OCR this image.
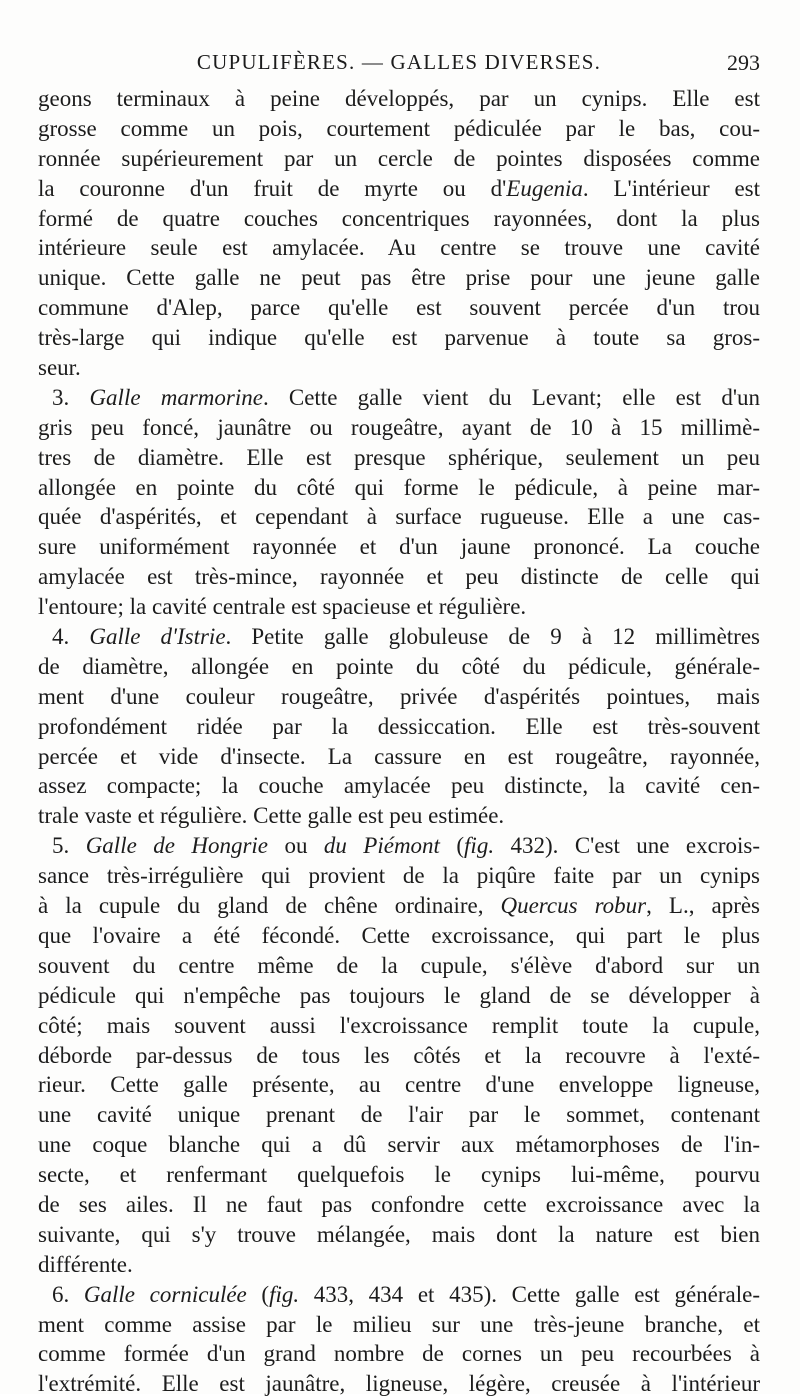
CUPULIFÈRES. — GALLES DIVERSES.	293
geons terminaux à peine développés, par un cynips. Elle est
grosse comme un pois, courtement pédiculée par le bas, cou-
ronnée supérieurement par un cercle de pointes disposées comme
la couronne d'un fruit de myrte ou d'Eugenia. L'intérieur est
formé de quatre couches concentriques rayonnées, dont la plus
intérieure seule est amylacée. Au centre se trouve une cavité
unique. Cette galle ne peut pas être prise pour une jeune galle
commune d'Alep, parce qu'elle est souvent percée d'un trou
très-large qui indique qu'elle est parvenue à toute sa gros-
seur.
3. Galle marmorine. Cette galle vient du Levant; elle est d'un
gris peu foncé, jaunâtre ou rougeâtre, ayant de 10 à 15 millimè-
tres de diamètre. Elle est presque sphérique, seulement un peu
allongée en pointe du côté qui forme le pédicule, à peine mar-
quée d'aspérités, et cependant à surface rugueuse. Elle a une cas-
sure uniformément rayonnée et d'un jaune prononcé. La couche
amylacée est très-mince, rayonnée et peu distincte de celle qui
l'entoure; la cavité centrale est spacieuse et régulière.
4. Galle d'Istrie. Petite galle globuleuse de 9 à 12 millimètres
de diamètre, allongée en pointe du côté du pédicule, générale-
ment d'une couleur rougeâtre, privée d'aspérités pointues, mais
profondément ridée par la dessiccation. Elle est très-souvent
percée et vide d'insecte. La cassure en est rougeâtre, rayonnée,
assez compacte; la couche amylacée peu distincte, la cavité cen-
trale vaste et régulière. Cette galle est peu estimée.
5. Galle de Hongrie ou du Piémont (fig. 432). C'est une excrois-
sance très-irrégulière qui provient de la piqûre faite par un cynips
à la cupule du gland de chêne ordinaire, Quercus robur, L., après
que l'ovaire a été fécondé. Cette excroissance, qui part le plus
souvent du centre même de la cupule, s'élève d'abord sur un
pédicule qui n'empêche pas toujours le gland de se développer à
côté; mais souvent aussi l'excroissance remplit toute la cupule,
déborde par-dessus de tous les côtés et la recouvre à l'exté-
rieur. Cette galle présente, au centre d'une enveloppe ligneuse,
une cavité unique prenant de l'air par le sommet, contenant
une coque blanche qui a dû servir aux métamorphoses de l'in-
secte, et renfermant quelquefois le cynips lui-même, pourvu
de ses ailes. Il ne faut pas confondre cette excroissance avec la
suivante, qui s'y trouve mélangée, mais dont la nature est bien
différente.
6. Galle corniculée (fig. 433, 434 et 435). Cette galle est générale-
ment comme assise par le milieu sur une très-jeune branche, et
comme formée d'un grand nombre de cornes un peu recourbées à
l'extrémité. Elle est jaunâtre, ligneuse, légère, creusée à l'intérieur
